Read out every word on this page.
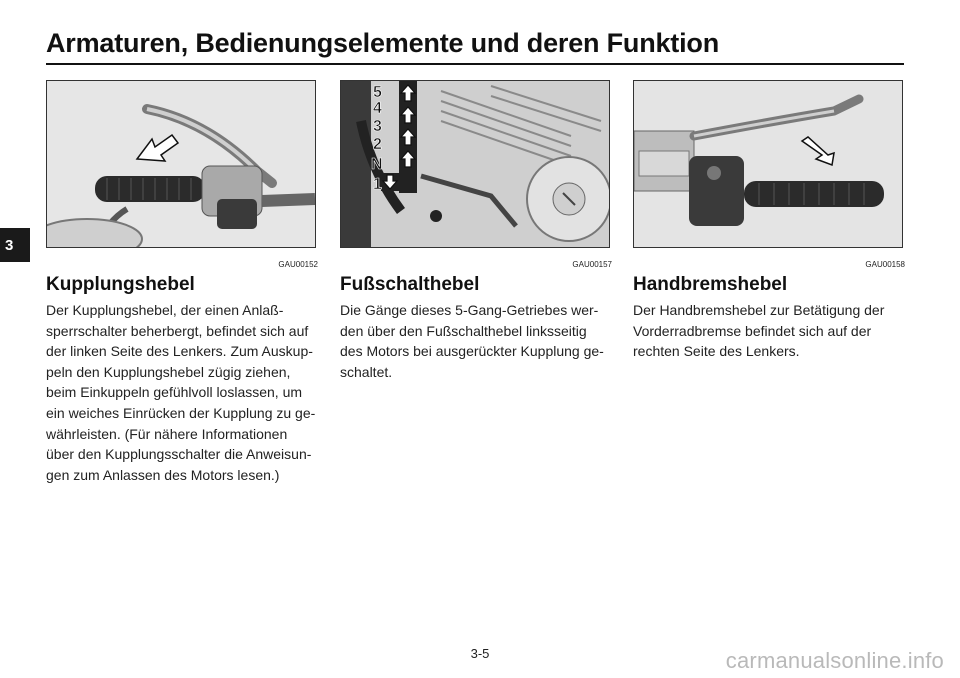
Armaturen, Bedienungselemente und deren Funktion
3
GAU00152
Kupplungshebel
Der Kupplungshebel, der einen Anlaß-
sperrschalter beherbergt, befindet sich auf
der linken Seite des Lenkers. Zum Auskup-
peln den Kupplungshebel zügig ziehen,
beim Einkuppeln gefühlvoll loslassen, um
ein weiches Einrücken der Kupplung zu ge-
währleisten. (Für nähere Informationen
über den Kupplungsschalter die Anweisun-
gen zum Anlassen des Motors lesen.)
5
4
3
2
N
1
GAU00157
Fußschalthebel
Die Gänge dieses 5-Gang-Getriebes wer-
den über den Fußschalthebel linksseitig
des Motors bei ausgerückter Kupplung ge-
schaltet.
GAU00158
Handbremshebel
Der Handbremshebel zur Betätigung der
Vorderradbremse befindet sich auf der
rechten Seite des Lenkers.
3-5	carmanualsonline.info
